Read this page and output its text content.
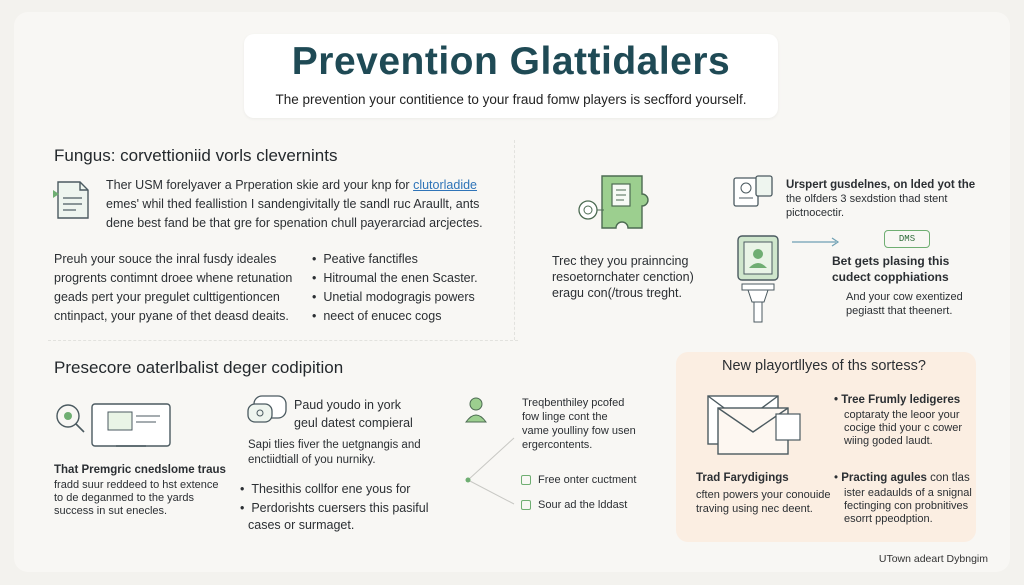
Prevention Glattidalers
The prevention your contitience to your fraud fomw players is secfford yourself.
Fungus: corvettioniid vorls clevernints
Ther USM forelyaver a Prperation skie ard your knp for clutorladide
emes' whil thed feallistion I sandengivitally tle sandl ruc Araullt, ants
dene best fand be that gre for spenation chull payerarciad arcjectes.
Preuh your souce the inral fusdy ideales
progrents contimnt droee whene retunation
geads pert your pregulet culttigentioncen
cntinpact, your pyane of thet deasd deaits.
•  Peative fanctifles
•  Hitroumal the enen Scaster.
•  Unetial modogragis powers
•  neect of enucec cogs
Trec they you prainncing
resoetornchater cenction)
eragu con(/trous treght.
Urspert gusdelnes, on lded yot the
the olfders 3 sexdstion thad stent
pictnocectir.
DMS
Bet gets plasing this
cudect copphiations
And your cow exentized
pegiastt that theenert.
Presecore oaterlbalist deger codipition
That Premgric cnedslome traus
fradd suur reddeed to hst extence
to de deganmed to the yards
success in sut enecles.
Paud youdo in york
geul datest compieral
Sapi tlies fiver the uetgnangis and
enctiidtiall of you nurniky.
•  Thesithis collfor ene yous for
•  Perdorishts cuersers this pasiful
cases or surmaget.
Treqbenthiley pcofed
fow linge cont the
vame youlliny fow usen
ergercontents.
Free onter cuctment
Sour ad the lddast
New playortllyes of ths sortess?
Trad Farydigings
cften powers your conouide
traving using nec deent.
• Tree Frumly ledigeres
coptaraty the leoor your
cocige thid your c cower
wiing goded laudt.
• Practing agules con tlas
ister eadaulds of a snignal
fectinging con probnitives
esorrt ppeodption.
UTown adeart Dybngim
